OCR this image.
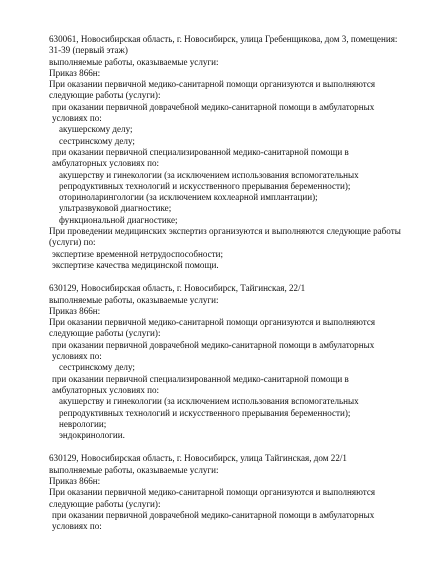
630061, Новосибирская область, г. Новосибирск, улица Гребенщикова, дом 3, помещения: 31-39 (первый этаж)
выполняемые работы, оказываемые услуги:
Приказ 866н:
При оказании первичной медико-санитарной помощи организуются и выполняются следующие работы (услуги):
при оказании первичной доврачебной медико-санитарной помощи в амбулаторных условиях по:
акушерскому делу;
сестринскому делу;
при оказании первичной специализированной медико-санитарной помощи в амбулаторных условиях по:
акушерству и гинекологии (за исключением использования вспомогательных репродуктивных технологий и искусственного прерывания беременности);
оториноларингологии (за исключением кохлеарной имплантации);
ультразвуковой диагностике;
функциональной диагностике;
При проведении медицинских экспертиз организуются и выполняются следующие работы (услуги) по:
экспертизе временной нетрудоспособности;
экспертизе качества медицинской помощи.
630129, Новосибирская область, г. Новосибирск, Тайгинская, 22/1
выполняемые работы, оказываемые услуги:
Приказ 866н:
При оказании первичной медико-санитарной помощи организуются и выполняются следующие работы (услуги):
при оказании первичной доврачебной медико-санитарной помощи в амбулаторных условиях по:
сестринскому делу;
при оказании первичной специализированной медико-санитарной помощи в амбулаторных условиях по:
акушерству и гинекологии (за исключением использования вспомогательных репродуктивных технологий и искусственного прерывания беременности);
неврологии;
эндокринологии.
630129, Новосибирская область, г. Новосибирск, улица Тайгинская, дом 22/1
выполняемые работы, оказываемые услуги:
Приказ 866н:
При оказании первичной медико-санитарной помощи организуются и выполняются следующие работы (услуги):
при оказании первичной доврачебной медико-санитарной помощи в амбулаторных условиях по:
